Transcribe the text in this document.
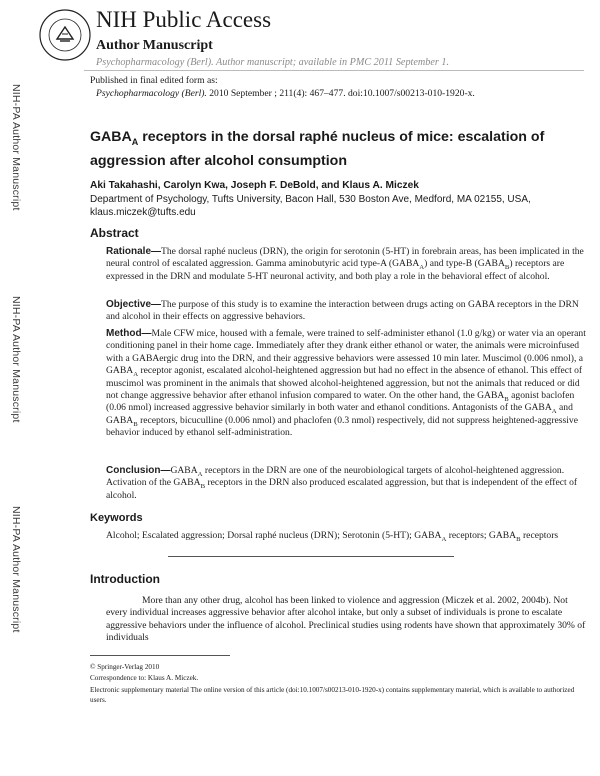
NIH Public Access
Author Manuscript
Psychopharmacology (Berl). Author manuscript; available in PMC 2011 September 1.
Published in final edited form as:
Psychopharmacology (Berl). 2010 September ; 211(4): 467–477. doi:10.1007/s00213-010-1920-x.
NIH-PA Author Manuscript
NIH-PA Author Manuscript
NIH-PA Author Manuscript
$GABA_A$ receptors in the dorsal raphé nucleus of mice: escalation of aggression after alcohol consumption
Aki Takahashi, Carolyn Kwa, Joseph F. DeBold, and Klaus A. Miczek
Department of Psychology, Tufts University, Bacon Hall, 530 Boston Ave, Medford, MA 02155, USA, klaus.miczek@tufts.edu
Abstract

Rationale—The dorsal raphé nucleus (DRN), the origin for serotonin (5-HT) in forebrain areas, has been implicated in the neural control of escalated aggression. Gamma aminobutyric acid type-A $(GABA_A)$ and type-B $(GABA_B)$ receptors are expressed in the DRN and modulate 5-HT neuronal activity, and both play a role in the behavioral effect of alcohol.

Objective—The purpose of this study is to examine the interaction between drugs acting on GABA receptors in the DRN and alcohol in their effects on aggressive behaviors.

Method—Male CFW mice, housed with a female, were trained to self-administer ethanol (1.0 g/kg) or water via an operant conditioning panel in their home cage. Immediately after they drank either ethanol or water, the animals were microinfused with a GABAergic drug into the DRN, and their aggressive behaviors were assessed 10 min later. Muscimol (0.006 nmol), a $GABA_A$ receptor agonist, escalated alcohol-heightened aggression but had no effect in the absence of ethanol. This effect of muscimol was prominent in the animals that showed alcohol-heightened aggression, but not the animals that reduced or did not change aggressive behavior after ethanol infusion compared to water. On the other hand, the $GABA_B$ agonist baclofen (0.06 nmol) increased aggressive behavior similarly in both water and ethanol conditions. Antagonists of the $GABA_A$ and $GABA_B$ receptors, bicuculline (0.006 nmol) and phaclofen (0.3 nmol) respectively, did not suppress heightened-aggressive behavior induced by ethanol self-administration.

$Conclusion—GABA_A$ receptors in the DRN are one of the neurobiological targets of alcohol-heightened aggression. Activation of the $GABA_B$ receptors in the DRN also produced escalated aggression, but that is independent of the effect of alcohol.

Keywords

Alcohol; Escalated aggression; Dorsal raphé nucleus (DRN); Serotonin (5-HT); $GABA_A$ receptors; $GABA_B$ receptors

Introduction

More than any other drug, alcohol has been linked to violence and aggression (Miczek et al. 2002, 2004b). Not every individual increases aggressive behavior after alcohol intake, but only a subset of individuals is prone to escalate aggressive behaviors under the influence of alcohol. Preclinical studies using rodents have shown that approximately 30% of individuals

© Springer-Verlag 2010

Correspondence to: Klaus A. Miczek.

Electronic supplementary material The online version of this article (doi:10.1007/s00213-010-1920-x) contains supplementary material, which is available to authorized users.
